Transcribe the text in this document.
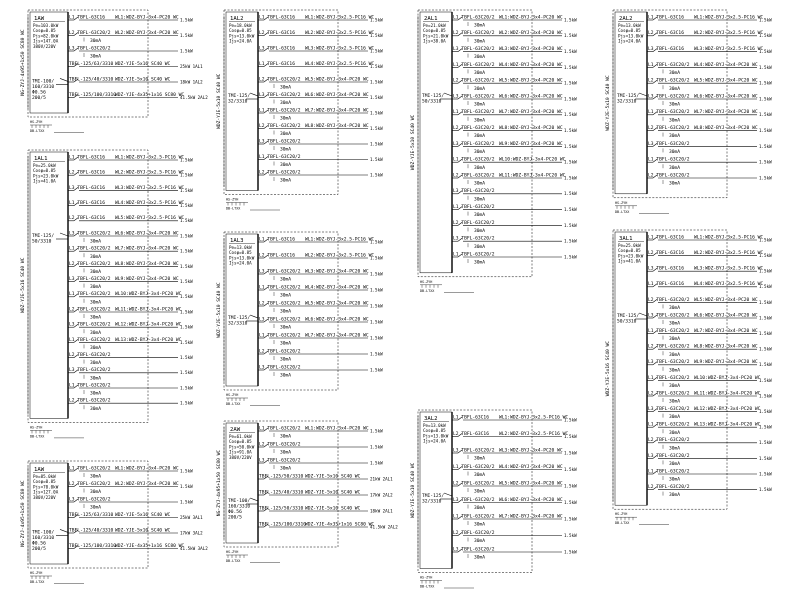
1AW
Pe=103.0kW
Cosφ=0.85
Pjs=82.0kW
Ijs=147.0A
380V/220V
TMI-100/
160/3310
Φ0.56
200/5
NG-ZYJ-4x95+1x50 SC80 WC
L1 TBFL-63C16 WL1:WDZ-BYJ-3x4-PC20 WC 1.5kW
L2 TBFL-63C20/2 WL2:WDZ-BYJ-3x4-PC20 WC 1.5kW
30mA
L3 TBFL-63C20/2	1.5kW
30mA
TBFL-125/63/3310 WDZ-YJE-5x16 SC40 WC 25kW 1AL1
TBFL-125/40/3310 WDZ-YJE-5x10 SC40 WC 18kW 1AL2
TBFL-125/100/3310
WDZ-YJE-4x35+1x16 SC80 WC
41.5kW 2AL2
HS-ZYH
DB-LTXX
1AL1
Pe=25.0kW
Cosφ=0.85
Pjs=23.0kW
Ijs=41.0A
TMI-125/
50/3310
WDZ-YJE-5x16 SC40 WC
L1 TBFL-63C16 WL1:WDZ-BYJ-3x2.5-PC16 WC
1.5kW
L2 TBFL-63C16 WL2:WDZ-BYJ-3x2.5-PC16 WC
1.5kW
L3 TBFL-63C16 WL3:WDZ-BYJ-3x2.5-PC16 WC
1.5kW
L1 TBFL-63C16 WL4:WDZ-BYJ-3x2.5-PC16 WC
1.5kW
L2 TBFL-63C16 WL5:WDZ-BYJ-3x2.5-PC16 WC
1.5kW
L3 TBFL-63C20/2 WL6:WDZ-BYJ-3x4-PC20 WC 1.5kW
30mA
L1 TBFL-63C20/2 WL7:WDZ-BYJ-3x4-PC20 WC 1.5kW
30mA
L2 TBFL-63C20/2 WL8:WDZ-BYJ-3x4-PC20 WC 1.5kW
30mA
L3 TBFL-63C20/2 WL9:WDZ-BYJ-3x4-PC20 WC 1.5kW
30mA
L1 TBFL-63C20/2 WL10:WDZ-BYJ-3x4-PC20 WC
1.5kW
30mA
L2 TBFL-63C20/2 WL11:WDZ-BYJ-3x4-PC20 WC
1.5kW
30mA
L3 TBFL-63C20/2 WL12:WDZ-BYJ-3x4-PC20 WC
1.5kW
30mA
L1 TBFL-63C20/2 WL13:WDZ-BYJ-3x4-PC20 WC
1.5kW
30mA
L2 TBFL-63C20/2	1.5kW
30mA
L3 TBFL-63C20/2	1.5kW
30mA
L1 TBFL-63C20/2	1.5kW
30mA
L2 TBFL-63C20/2	1.5kW
30mA
HS-ZYH
DB-LTXX
1AW
Pe=85.0kW
Cosφ=0.85
Pjs=70.0kW
Ijs=127.0A
380V/220V
TMI-100/
160/3310
Φ0.56
200/5
NG-ZYJ-4x95+1x50 SC80 WC
L1 TBFL-63C20/2 WL1:WDZ-BYJ-3x4-PC20 WC 1.5kW
30mA
L2 TBFL-63C20/2 WL2:WDZ-BYJ-3x4-PC20 WC 1.5kW
30mA
L3 TBFL-63C20/2	1.5kW
30mA
TBFL-125/63/3310 WDZ-YJE-5x16 SC40 WC 25kW 3AL1
TBFL-125/40/3310 WDZ-YJE-5x10 SC40 WC 17kW 3AL2
TBFL-125/100/3310
WDZ-YJE-4x35+1x16 SC80 WC
41.5kW 3AL2
HS-ZYH
DB-LTXX
1AL2
Pe=18.0kW
Cosφ=0.85
Pjs=13.0kW
Ijs=24.0A
TMI-125/
32/3310
WDZ-YJE-5x10 SC40 WC
L1 TBFL-63C16 WL1:WDZ-BYJ-3x2.5-PC16 WC
1.5kW
L2 TBFL-63C16 WL2:WDZ-BYJ-3x2.5-PC16 WC
1.5kW
L3 TBFL-63C16 WL3:WDZ-BYJ-3x2.5-PC16 WC
1.5kW
L1 TBFL-63C16 WL4:WDZ-BYJ-3x2.5-PC16 WC
1.5kW
L2 TBFL-63C20/2 WL5:WDZ-BYJ-3x4-PC20 WC 1.5kW
30mA
L3 TBFL-63C20/2 WL6:WDZ-BYJ-3x4-PC20 WC 1.5kW
30mA
L1 TBFL-63C20/2 WL7:WDZ-BYJ-3x4-PC20 WC 1.5kW
30mA
L2 TBFL-63C20/2 WL8:WDZ-BYJ-3x4-PC20 WC 1.5kW
30mA
L3 TBFL-63C20/2	1.5kW
30mA
L1 TBFL-63C20/2	1.5kW
30mA
L2 TBFL-63C20/2	1.5kW
30mA
HS-ZYH
DB-LTXX
1AL3
Pe=13.0kW
Cosφ=0.85
Pjs=13.0kW
Ijs=24.0A
TMI-125/
32/3310
WDZ-YJE-5x10 SC40 WC
L1 TBFL-63C16 WL1:WDZ-BYJ-3x2.5-PC16 WC
1.5kW
L2 TBFL-63C16 WL2:WDZ-BYJ-3x2.5-PC16 WC
1.5kW
L3 TBFL-63C20/2 WL3:WDZ-BYJ-3x4-PC20 WC 1.5kW
30mA
L1 TBFL-63C20/2 WL4:WDZ-BYJ-3x4-PC20 WC 1.5kW
30mA
L2 TBFL-63C20/2 WL5:WDZ-BYJ-3x4-PC20 WC 1.5kW
30mA
L3 TBFL-63C20/2 WL6:WDZ-BYJ-3x4-PC20 WC 1.5kW
30mA
L1 TBFL-63C20/2 WL7:WDZ-BYJ-3x4-PC20 WC 1.5kW
30mA
L2 TBFL-63C20/2	1.5kW
30mA
L3 TBFL-63C20/2	1.5kW
30mA
HS-ZYH
DB-LTXX
2AW
Pe=61.0kW
Cosφ=0.85
Pjs=50.0kW
Ijs=91.0A
380V/220V
TMI-100/
160/3310
Φ0.56
200/5
NG-ZYJ-4x95+1x50 SC80 WC
L1 TBFL-63C20/2 WL1:WDZ-BYJ-3x4-PC20 WC 1.5kW
30mA
L2 TBFL-63C20/2	1.5kW
30mA
L3 TBFL-63C20/2	1.5kW
30mA
TBFL-125/50/3310 WDZ-YJE-5x10 SC40 WC 21kW 2AL1
TBFL-125/40/3310 WDZ-YJE-5x10 SC40 WC 17kW 2AL2
TBFL-125/50/3310 WDZ-YJE-5x10 SC40 WC 18kW 2AL1
TBFL-125/100/3310
WDZ-YJE-4x35+1x16 SC80 WC
41.5kW 2AL2
HS-ZYH
DB-LTXX
2AL1
Pe=21.0kW
Cosφ=0.85
Pjs=21.0kW
Ijs=38.0A
TMI-125/
50/3310
WDZ-YJE-5x10 SC40 WC
L1 TBFL-63C20/2 WL1:WDZ-BYJ-3x4-PC20 WC 1.5kW
30mA
L2 TBFL-63C20/2 WL2:WDZ-BYJ-3x4-PC20 WC 1.5kW
30mA
L3 TBFL-63C20/2 WL3:WDZ-BYJ-3x4-PC20 WC 1.5kW
30mA
L1 TBFL-63C20/2 WL4:WDZ-BYJ-3x4-PC20 WC 1.5kW
30mA
L2 TBFL-63C20/2 WL5:WDZ-BYJ-3x4-PC20 WC 1.5kW
30mA
L3 TBFL-63C20/2 WL6:WDZ-BYJ-3x4-PC20 WC 1.5kW
30mA
L1 TBFL-63C20/2 WL7:WDZ-BYJ-3x4-PC20 WC 1.5kW
30mA
L2 TBFL-63C20/2 WL8:WDZ-BYJ-3x4-PC20 WC 1.5kW
30mA
L3 TBFL-63C20/2 WL9:WDZ-BYJ-3x4-PC20 WC 1.5kW
30mA
L1 TBFL-63C20/2 WL10:WDZ-BYJ-3x4-PC20 WC
1.5kW
30mA
L2 TBFL-63C20/2 WL11:WDZ-BYJ-3x4-PC20 WC
1.5kW
30mA
L3 TBFL-63C20/2	1.5kW
30mA
L1 TBFL-63C20/2	1.5kW
30mA
L2 TBFL-63C20/2	1.5kW
30mA
L3 TBFL-63C20/2	1.5kW
30mA
L1 TBFL-63C20/2	1.5kW
30mA
HS-ZYH
DB-LTXX
3AL2
Pe=13.0kW
Cosφ=0.85
Pjs=13.0kW
Ijs=24.0A
TMI-125/
32/3310
WDZ-YJE-5x10 SC40 WC
L1 TBFL-63C16 WL1:WDZ-BYJ-3x2.5-PC16 WC
1.5kW
L2 TBFL-63C16 WL2:WDZ-BYJ-3x2.5-PC16 WC
1.5kW
L3 TBFL-63C20/2 WL3:WDZ-BYJ-3x4-PC20 WC 1.5kW
30mA
L1 TBFL-63C20/2 WL4:WDZ-BYJ-3x4-PC20 WC 1.5kW
30mA
L2 TBFL-63C20/2 WL5:WDZ-BYJ-3x4-PC20 WC 1.5kW
30mA
L3 TBFL-63C20/2 WL6:WDZ-BYJ-3x4-PC20 WC 1.5kW
30mA
L1 TBFL-63C20/2 WL7:WDZ-BYJ-3x4-PC20 WC 1.5kW
30mA
L2 TBFL-63C20/2	1.5kW
30mA
L3 TBFL-63C20/2	1.5kW
30mA
HS-ZYH
DB-LTXX
2AL2
Pe=13.0kW
Cosφ=0.85
Pjs=13.0kW
Ijs=24.0A
TMI-125/
32/3310
WDZ-YJE-5x10 SC40 WC
L1 TBFL-63C16 WL1:WDZ-BYJ-3x2.5-PC16 WC
1.5kW
L2 TBFL-63C16 WL2:WDZ-BYJ-3x2.5-PC16 WC
1.5kW
L3 TBFL-63C16 WL3:WDZ-BYJ-3x2.5-PC16 WC
1.5kW
L1 TBFL-63C20/2 WL4:WDZ-BYJ-3x4-PC20 WC 1.5kW
30mA
L2 TBFL-63C20/2 WL5:WDZ-BYJ-3x4-PC20 WC 1.5kW
30mA
L3 TBFL-63C20/2 WL6:WDZ-BYJ-3x4-PC20 WC 1.5kW
30mA
L1 TBFL-63C20/2 WL7:WDZ-BYJ-3x4-PC20 WC 1.5kW
30mA
L2 TBFL-63C20/2 WL8:WDZ-BYJ-3x4-PC20 WC 1.5kW
30mA
L3 TBFL-63C20/2	1.5kW
30mA
L1 TBFL-63C20/2	1.5kW
30mA
L2 TBFL-63C20/2	1.5kW
30mA
HS-ZYH
DB-LTXX
3AL1
Pe=25.0kW
Cosφ=0.85
Pjs=23.0kW
Ijs=41.0A
TMI-125/
50/3310
WDZ-YJE-5x16 SC40 WC
L1 TBFL-63C16 WL1:WDZ-BYJ-3x2.5-PC16 WC
1.5kW
L2 TBFL-63C16 WL2:WDZ-BYJ-3x2.5-PC16 WC
1.5kW
L3 TBFL-63C16 WL3:WDZ-BYJ-3x2.5-PC16 WC
1.5kW
L1 TBFL-63C16 WL4:WDZ-BYJ-3x2.5-PC16 WC
1.5kW
L2 TBFL-63C20/2 WL5:WDZ-BYJ-3x4-PC20 WC 1.5kW
30mA
L3 TBFL-63C20/2 WL6:WDZ-BYJ-3x4-PC20 WC 1.5kW
30mA
L1 TBFL-63C20/2 WL7:WDZ-BYJ-3x4-PC20 WC 1.5kW
30mA
L2 TBFL-63C20/2 WL8:WDZ-BYJ-3x4-PC20 WC 1.5kW
30mA
L3 TBFL-63C20/2 WL9:WDZ-BYJ-3x4-PC20 WC 1.5kW
30mA
L1 TBFL-63C20/2 WL10:WDZ-BYJ-3x4-PC20 WC
1.5kW
30mA
L2 TBFL-63C20/2 WL11:WDZ-BYJ-3x4-PC20 WC
1.5kW
30mA
L3 TBFL-63C20/2 WL12:WDZ-BYJ-3x4-PC20 WC
1.5kW
30mA
L1 TBFL-63C20/2 WL13:WDZ-BYJ-3x4-PC20 WC
1.5kW
30mA
L2 TBFL-63C20/2	1.5kW
30mA
L3 TBFL-63C20/2	1.5kW
30mA
L1 TBFL-63C20/2	1.5kW
30mA
L2 TBFL-63C20/2	1.5kW
30mA
HS-ZYH
DB-LTXX
